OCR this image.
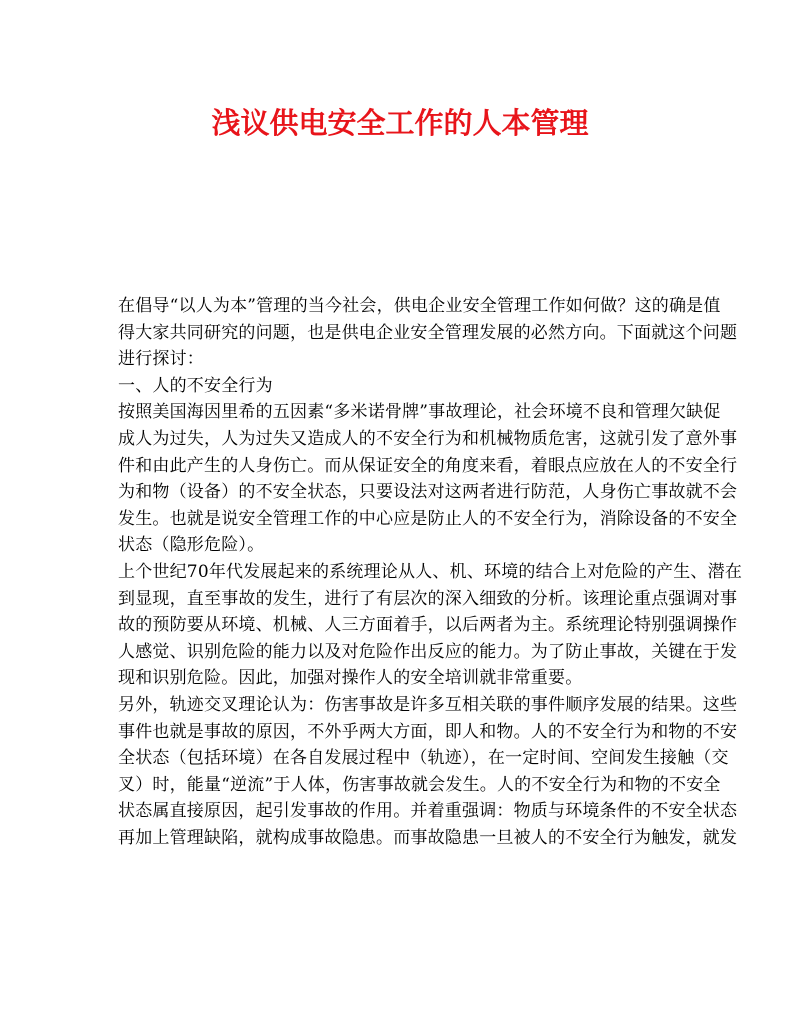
浅议供电安全工作的人本管理
在倡导“以人为本”管理的当今社会，供电企业安全管理工作如何做？这的确是值
得大家共同研究的问题，也是供电企业安全管理发展的必然方向。下面就这个问题
进行探讨：
一、人的不安全行为
按照美国海因里希的五因素“多米诺骨牌”事故理论，社会环境不良和管理欠缺促
成人为过失，人为过失又造成人的不安全行为和机械物质危害，这就引发了意外事
件和由此产生的人身伤亡。而从保证安全的角度来看，着眼点应放在人的不安全行
为和物（设备）的不安全状态，只要设法对这两者进行防范，人身伤亡事故就不会
发生。也就是说安全管理工作的中心应是防止人的不安全行为，消除设备的不安全
状态（隐形危险）。
上个世纪70年代发展起来的系统理论从人、机、环境的结合上对危险的产生、潜在
到显现，直至事故的发生，进行了有层次的深入细致的分析。该理论重点强调对事
故的预防要从环境、机械、人三方面着手，以后两者为主。系统理论特别强调操作
人感觉、识别危险的能力以及对危险作出反应的能力。为了防止事故，关键在于发
现和识别危险。因此，加强对操作人的安全培训就非常重要。
另外，轨迹交叉理论认为：伤害事故是许多互相关联的事件顺序发展的结果。这些
事件也就是事故的原因，不外乎两大方面，即人和物。人的不安全行为和物的不安
全状态（包括环境）在各自发展过程中（轨迹），在一定时间、空间发生接触（交
叉）时，能量“逆流”于人体，伤害事故就会发生。人的不安全行为和物的不安全
状态属直接原因，起引发事故的作用。并着重强调：物质与环境条件的不安全状态
再加上管理缺陷，就构成事故隐患。而事故隐患一旦被人的不安全行为触发，就发
